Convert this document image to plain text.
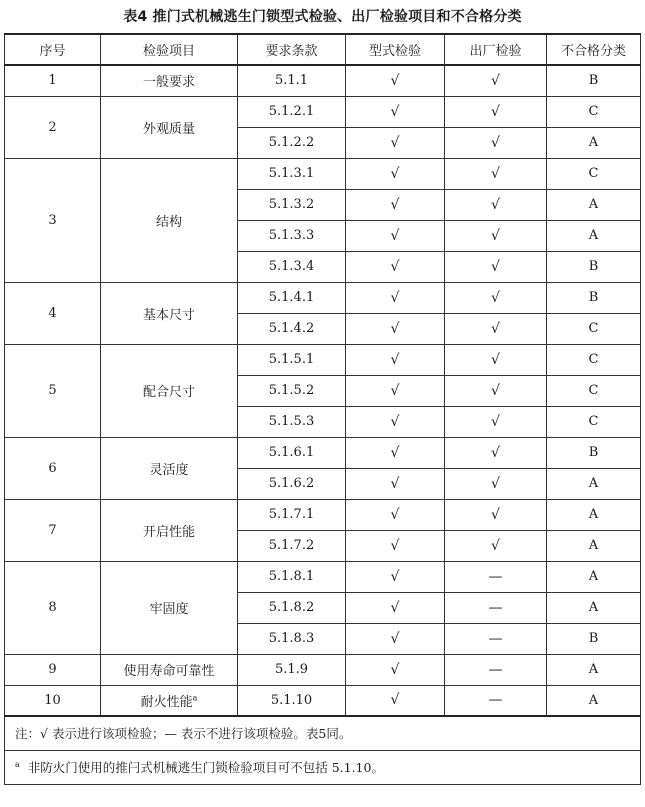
表4 推门式机械逃生门锁型式检验、出厂检验项目和不合格分类
序号	检验项目	要求条款	型式检验	出厂检验	不合格分类
1	一般要求	5.1.1	√	√	B
2	外观质量	5.1.2.1	√	√	C
		5.1.2.2	√	√	A
3	结构	5.1.3.1	√	√	C
		5.1.3.2	√	√	A
		5.1.3.3	√	√	A
		5.1.3.4	√	√	B
4	基本尺寸	5.1.4.1	√	√	B
		5.1.4.2	√	√	C
5	配合尺寸	5.1.5.1	√	√	C
		5.1.5.2	√	√	C
		5.1.5.3	√	√	C
6	灵活度	5.1.6.1	√	√	B
		5.1.6.2	√	√	A
7	开启性能	5.1.7.1	√	√	A
		5.1.7.2	√	√	A
8	牢固度	5.1.8.1	√	—	A
		5.1.8.2	√	—	A
		5.1.8.3	√	—	B
9	使用寿命可靠性	5.1.9	√	—	A
10	耐火性能$^a$	5.1.10	√	—	A
注：√ 表示进行该项检验；— 表示不进行该项检验。表5同。					
$^a$ 非防火门使用的推闩式机械逃生门锁检验项目可不包括 5.1.10。					
